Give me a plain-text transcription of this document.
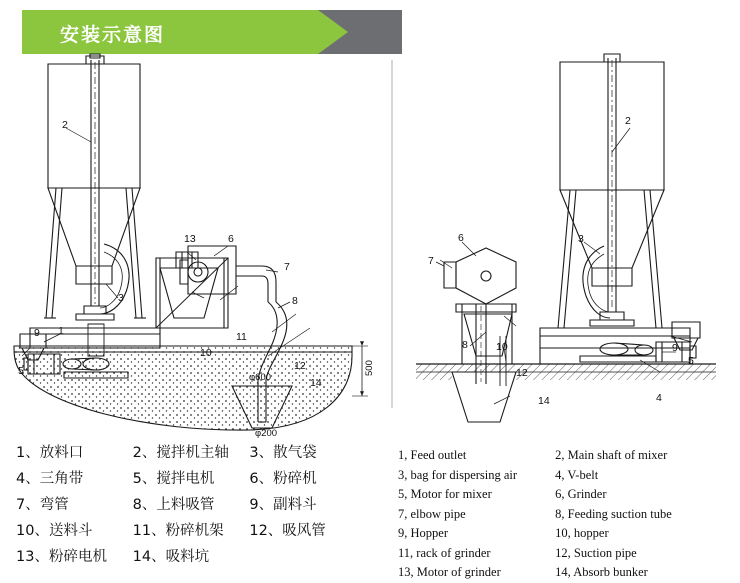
安装示意图
2
3
1
9
5
13	6
7
8
10
11
12
14
φ600
φ200
500
2
3
6
7
8	10
12
9
5
4
14
1、放料口	2、搅拌机主轴	3、散气袋
4、三角带	5、搅拌电机	6、粉碎机
7、弯管	8、上料吸管	9、副料斗
10、送料斗	11、粉碎机架	12、吸风管
13、粉碎电机	14、吸料坑
1, Feed outlet	2, Main shaft of mixer
3, bag for dispersing air	4, V-belt
5, Motor for mixer	6, Grinder
7, elbow pipe	8, Feeding suction tube
9, Hopper	10, hopper
11, rack of grinder	12, Suction pipe
13, Motor of grinder	14, Absorb bunker
